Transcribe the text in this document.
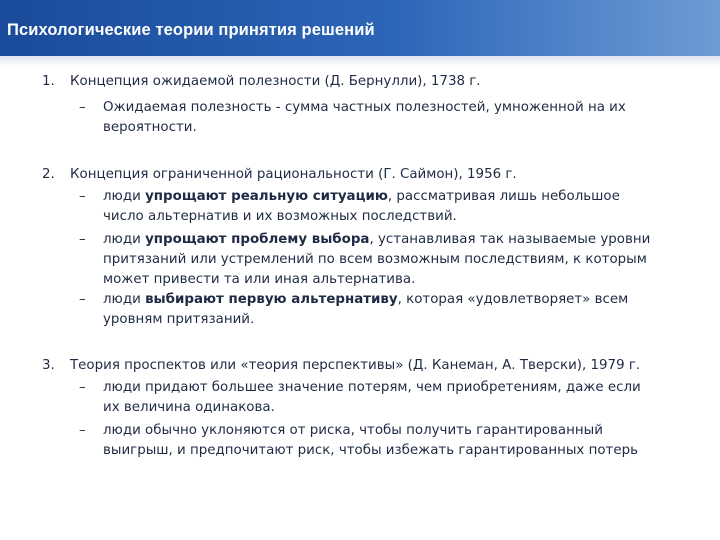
Психологические теории принятия решений
1. Концепция ожидаемой полезности (Д. Бернулли), 1738 г.
– Ожидаемая полезность - сумма частных полезностей, умноженной на их
вероятности.
2. Концепция ограниченной рациональности (Г. Саймон), 1956 г.
– люди упрощают реальную ситуацию, рассматривая лишь небольшое
число альтернатив и их возможных последствий.
– люди упрощают проблему выбора, устанавливая так называемые уровни
притязаний или устремлений по всем возможным последствиям, к которым
может привести та или иная альтернатива.
– люди выбирают первую альтернативу, которая «удовлетворяет» всем
уровням притязаний.
3. Теория проспектов или «теория перспективы» (Д. Канеман, А. Тверски), 1979 г.
– люди придают большее значение потерям, чем приобретениям, даже если
их величина одинакова.
– люди обычно уклоняются от риска, чтобы получить гарантированный
выигрыш, и предпочитают риск, чтобы избежать гарантированных потерь
